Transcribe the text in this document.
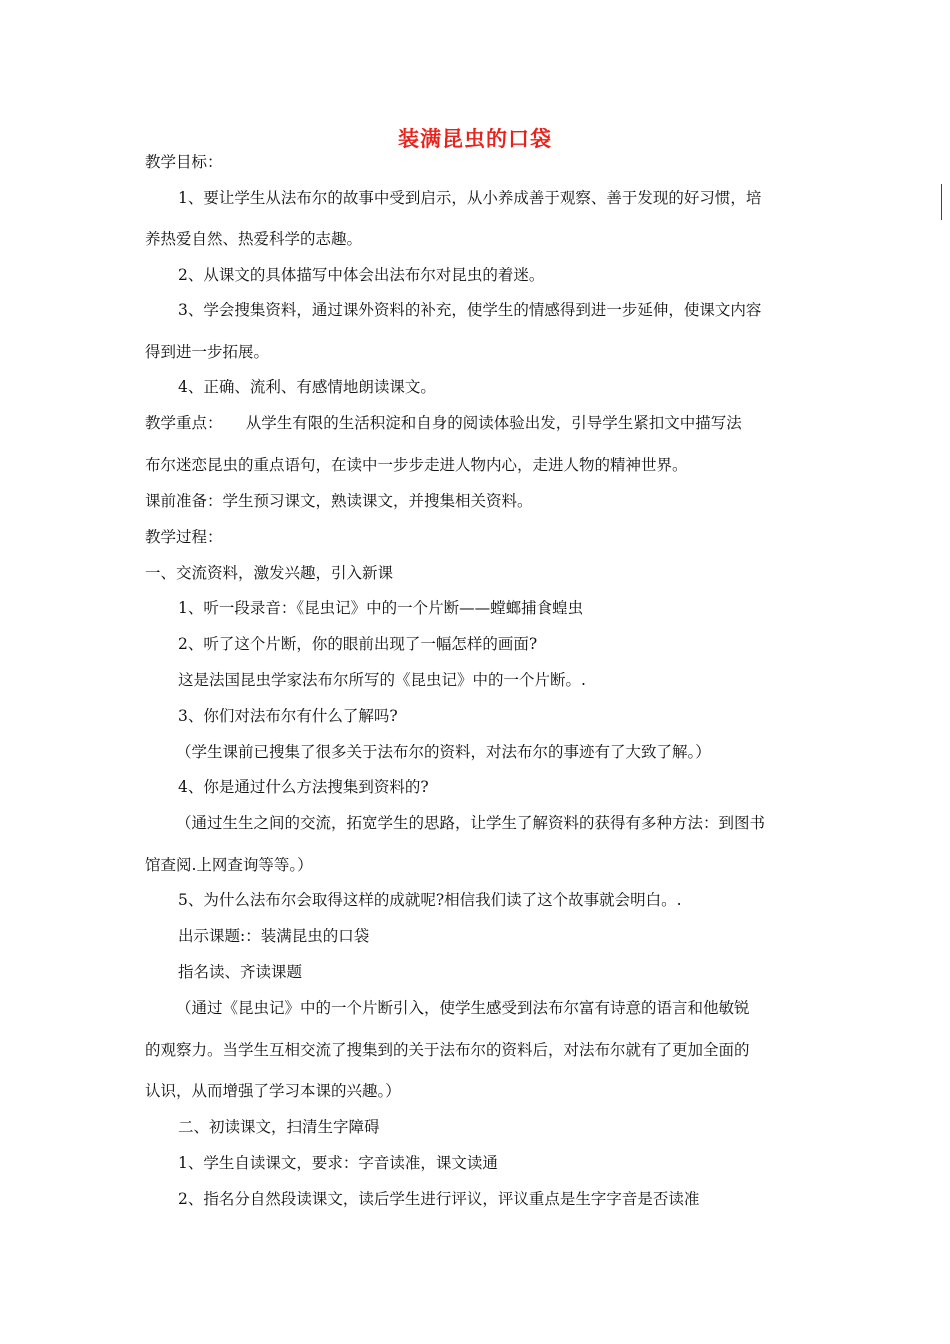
装满昆虫的口袋
教学目标：
1、要让学生从法布尔的故事中受到启示，从小养成善于观察、善于发现的好习惯，培
养热爱自然、热爱科学的志趣。
2、从课文的具体描写中体会出法布尔对昆虫的着迷。
3、学会搜集资料，通过课外资料的补充，使学生的情感得到进一步延伸，使课文内容
得到进一步拓展。
4、正确、流利、有感情地朗读课文。
教学重点：　　从学生有限的生活积淀和自身的阅读体验出发，引导学生紧扣文中描写法
布尔迷恋昆虫的重点语句，在读中一步步走进人物内心，走进人物的精神世界。
课前准备：学生预习课文，熟读课文，并搜集相关资料。
教学过程：
一、交流资料，激发兴趣，引入新课
1、听一段录音：《昆虫记》中的一个片断——螳螂捕食蝗虫
2、听了这个片断，你的眼前出现了一幅怎样的画面?
这是法国昆虫学家法布尔所写的《昆虫记》中的一个片断。.
3、你们对法布尔有什么了解吗?
（学生课前已搜集了很多关于法布尔的资料，对法布尔的事迹有了大致了解。）
4、你是通过什么方法搜集到资料的?
（通过生生之间的交流，拓宽学生的思路，让学生了解资料的获得有多种方法：到图书
馆查阅.上网查询等等。）
5、为什么法布尔会取得这样的成就呢?相信我们读了这个故事就会明白。.
出示课题:：装满昆虫的口袋
指名读、齐读课题
（通过《昆虫记》中的一个片断引入，使学生感受到法布尔富有诗意的语言和他敏锐
的观察力。当学生互相交流了搜集到的关于法布尔的资料后，对法布尔就有了更加全面的
认识，从而增强了学习本课的兴趣。）
二、初读课文，扫清生字障碍
1、学生自读课文，要求：字音读准，课文读通
2、指名分自然段读课文，读后学生进行评议，评议重点是生字字音是否读准
